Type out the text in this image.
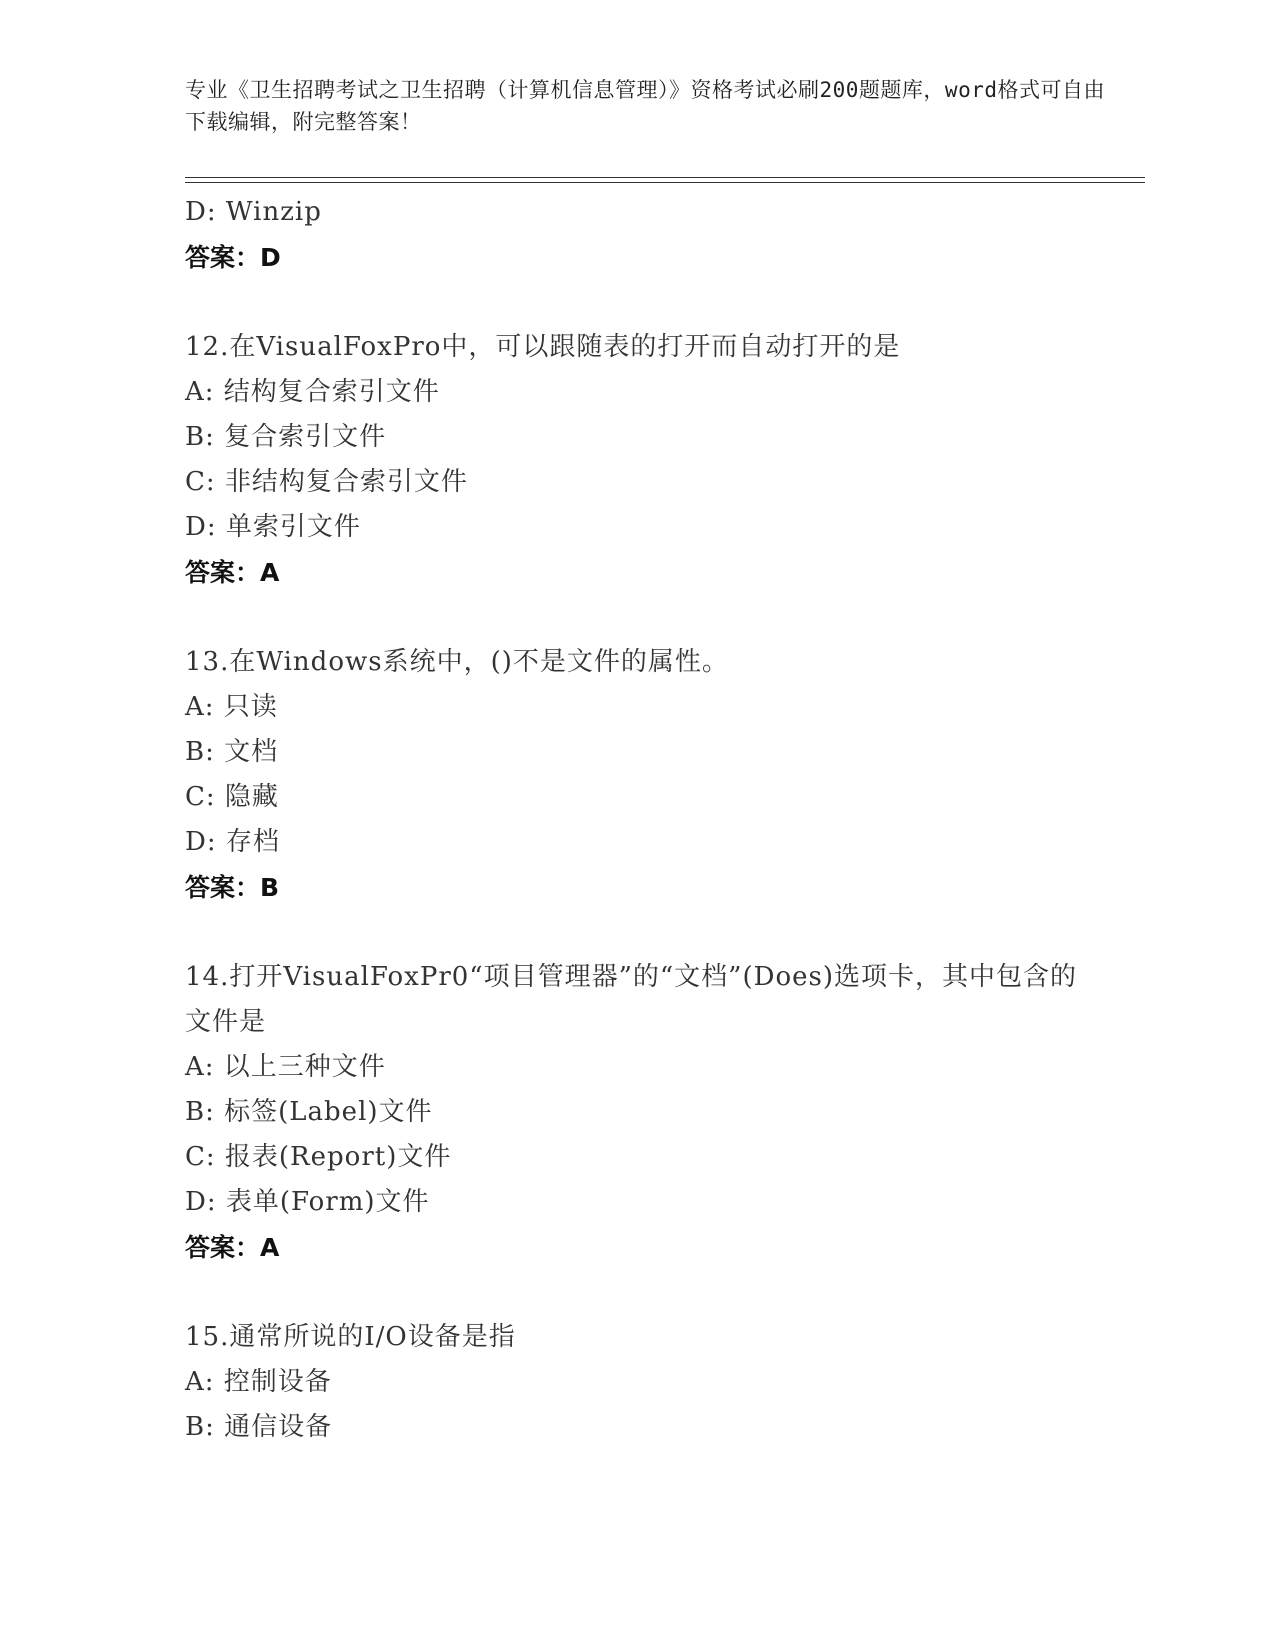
专业《卫生招聘考试之卫生招聘（计算机信息管理）》资格考试必刷200题题库，word格式可自由下载编辑，附完整答案！
D: Winzip
答案：D
12.在VisualFoxPro中，可以跟随表的打开而自动打开的是
A: 结构复合索引文件
B: 复合索引文件
C: 非结构复合索引文件
D: 单索引文件
答案：A
13.在Windows系统中，()不是文件的属性。
A: 只读
B: 文档
C: 隐藏
D: 存档
答案：B
14.打开VisualFoxPr0“项目管理器”的“文档”(Does)选项卡，其中包含的文件是
A: 以上三种文件
B: 标签(Label)文件
C: 报表(Report)文件
D: 表单(Form)文件
答案：A
15.通常所说的I/O设备是指
A: 控制设备
B: 通信设备
